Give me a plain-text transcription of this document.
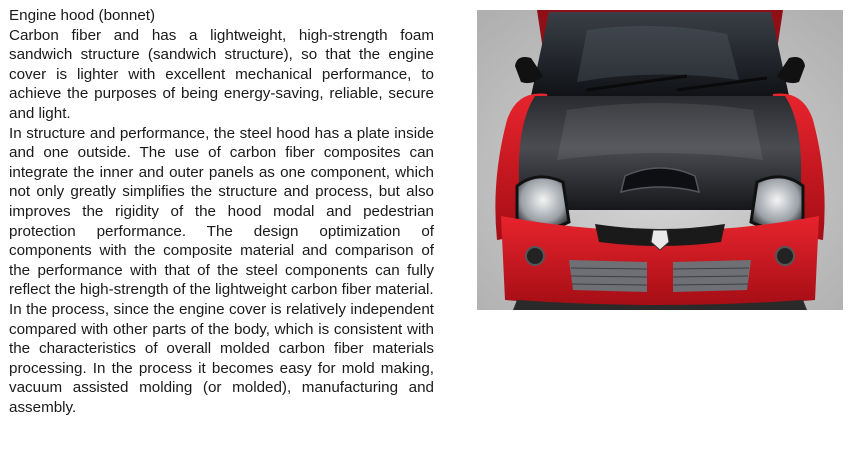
Engine hood (bonnet)

Carbon fiber and has a lightweight, high-strength foam sandwich structure (sandwich structure), so that the engine cover is lighter with excellent mechanical performance, to achieve the purposes of being energy-saving, reliable, secure and light.

In structure and performance, the steel hood has a plate inside and one outside. The use of carbon fiber composites can integrate the inner and outer panels as one component, which not only greatly simplifies the structure and process, but also improves the rigidity of the hood modal and pedestrian protection performance. The design optimization of components with the composite material and comparison of the performance with that of the steel components can fully reflect the high-strength of the lightweight carbon fiber material.

In the process, since the engine cover is relatively independent compared with other parts of the body, which is consistent with the characteristics of overall molded carbon fiber materials processing. In the process it becomes easy for mold making, vacuum assisted molding (or molded), manufacturing and assembly.
